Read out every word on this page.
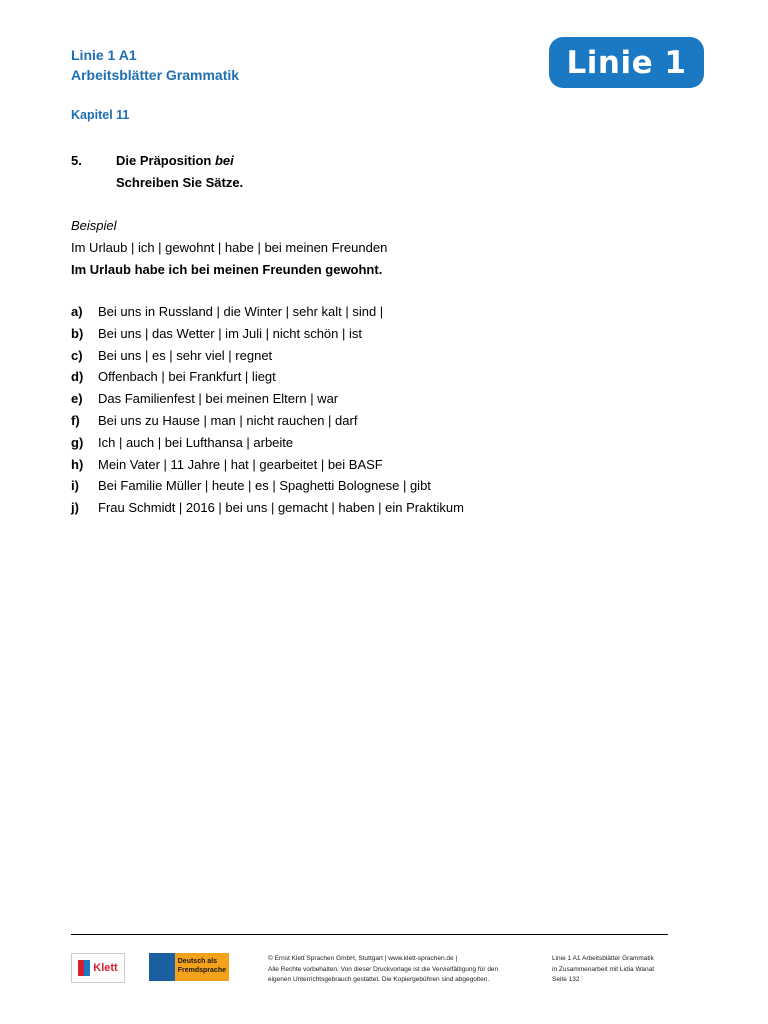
Linie 1 A1
Arbeitsblätter Grammatik	Linie 1
Kapitel 11
5.	Die Präposition bei
Schreiben Sie Sätze.
Beispiel
Im Urlaub | ich | gewohnt | habe | bei meinen Freunden
Im Urlaub habe ich bei meinen Freunden gewohnt.
a) Bei uns in Russland | die Winter | sehr kalt | sind |
b) Bei uns | das Wetter | im Juli | nicht schön | ist
c) Bei uns | es | sehr viel | regnet
d) Offenbach | bei Frankfurt | liegt
e) Das Familienfest | bei meinen Eltern | war
f) Bei uns zu Hause | man | nicht rauchen | darf
g) Ich | auch | bei Lufthansa | arbeite
h) Mein Vater | 11 Jahre | hat | gearbeitet | bei BASF
i) Bei Familie Müller | heute | es | Spaghetti Bolognese | gibt
j) Frau Schmidt | 2016 | bei uns | gemacht | haben | ein Praktikum
Klett
Deutsch als
Fremdsprache
© Ernst Klett Sprachen GmbH, Stuttgart | www.klett-sprachen.de |
Alle Rechte vorbehalten. Von dieser Druckvorlage ist die Vervielfältigung für den
eigenen Unterrichtsgebrauch gestattet. Die Kopiergebühren sind abgegolten.
Linie 1 A1 Arbeitsblätter Grammatik
in Zusammenarbeit mit Lidia Wanat
Seite 132
